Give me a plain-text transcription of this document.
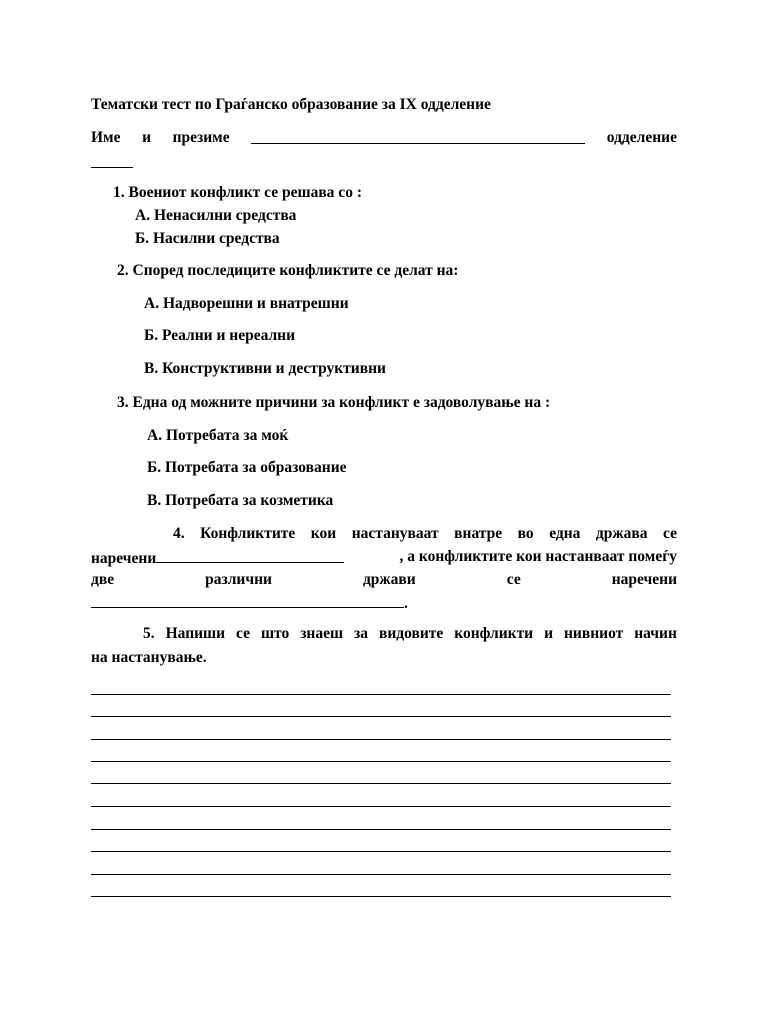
Тематски тест по Граѓанско образование за IX одделение
Име и презиме	одделение
1. Воениот конфликт се решава со :
А. Ненасилни средства
Б. Насилни средства
2. Според последиците конфликтите се делат на:
А. Надворешни и внатрешни
Б. Реални и нереални
В. Конструктивни и деструктивни
3. Една од можните причини за конфликт е задоволување на :
А. Потребата за моќ
Б. Потребата за образование
В. Потребата за козметика
4. Конфликтите кои настануваат внатре во една држава се
наречени	, а конфликтите кои настанваат помеѓу
две	различни	држави	се	наречени
.
5. Напиши се што знаеш за видовите конфликти и нивниот начин
на настанување.
